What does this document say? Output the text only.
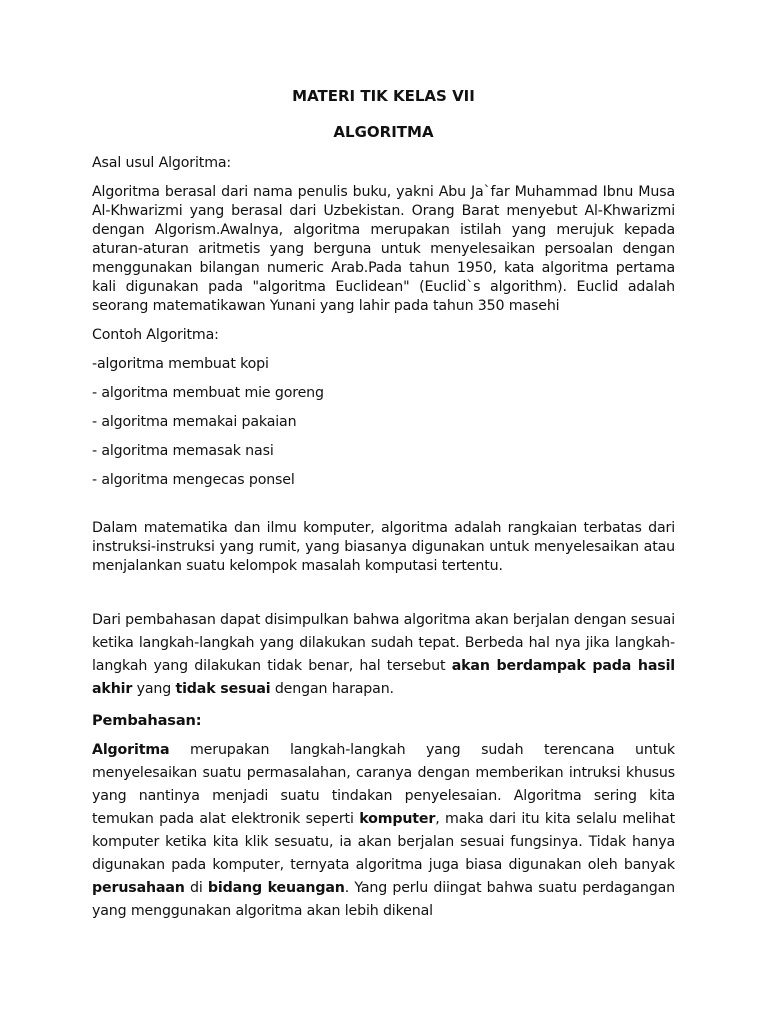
MATERI TIK KELAS VII
ALGORITMA

Asal usul Algoritma:

Algoritma berasal dari nama penulis buku, yakni Abu Ja`far Muhammad Ibnu Musa Al-Khwarizmi yang berasal dari Uzbekistan. Orang Barat menyebut Al-Khwarizmi dengan Algorism.Awalnya, algoritma merupakan istilah yang merujuk kepada aturan-aturan aritmetis yang berguna untuk menyelesaikan persoalan dengan menggunakan bilangan numeric Arab.Pada tahun 1950, kata algoritma pertama kali digunakan pada "algoritma Euclidean" (Euclid`s algorithm). Euclid adalah seorang matematikawan Yunani yang lahir pada tahun 350 masehi

Contoh Algoritma:

-algoritma membuat kopi

- algoritma membuat mie goreng

- algoritma memakai pakaian

- algoritma memasak nasi

- algoritma mengecas ponsel

Dalam matematika dan ilmu komputer, algoritma adalah rangkaian terbatas dari instruksi-instruksi yang rumit, yang biasanya digunakan untuk menyelesaikan atau menjalankan suatu kelompok masalah komputasi tertentu.

Dari pembahasan dapat disimpulkan bahwa algoritma akan berjalan dengan sesuai ketika langkah-langkah yang dilakukan sudah tepat. Berbeda hal nya jika langkah-langkah yang dilakukan tidak benar, hal tersebut akan berdampak pada hasil akhir yang tidak sesuai dengan harapan.

Pembahasan:

Algoritma merupakan langkah-langkah yang sudah terencana untuk menyelesaikan suatu permasalahan, caranya dengan memberikan intruksi khusus yang nantinya menjadi suatu tindakan penyelesaian. Algoritma sering kita temukan pada alat elektronik seperti komputer, maka dari itu kita selalu melihat komputer ketika kita klik sesuatu, ia akan berjalan sesuai fungsinya. Tidak hanya digunakan pada komputer, ternyata algoritma juga biasa digunakan oleh banyak perusahaan di bidang keuangan. Yang perlu diingat bahwa suatu perdagangan yang menggunakan algoritma akan lebih dikenal
